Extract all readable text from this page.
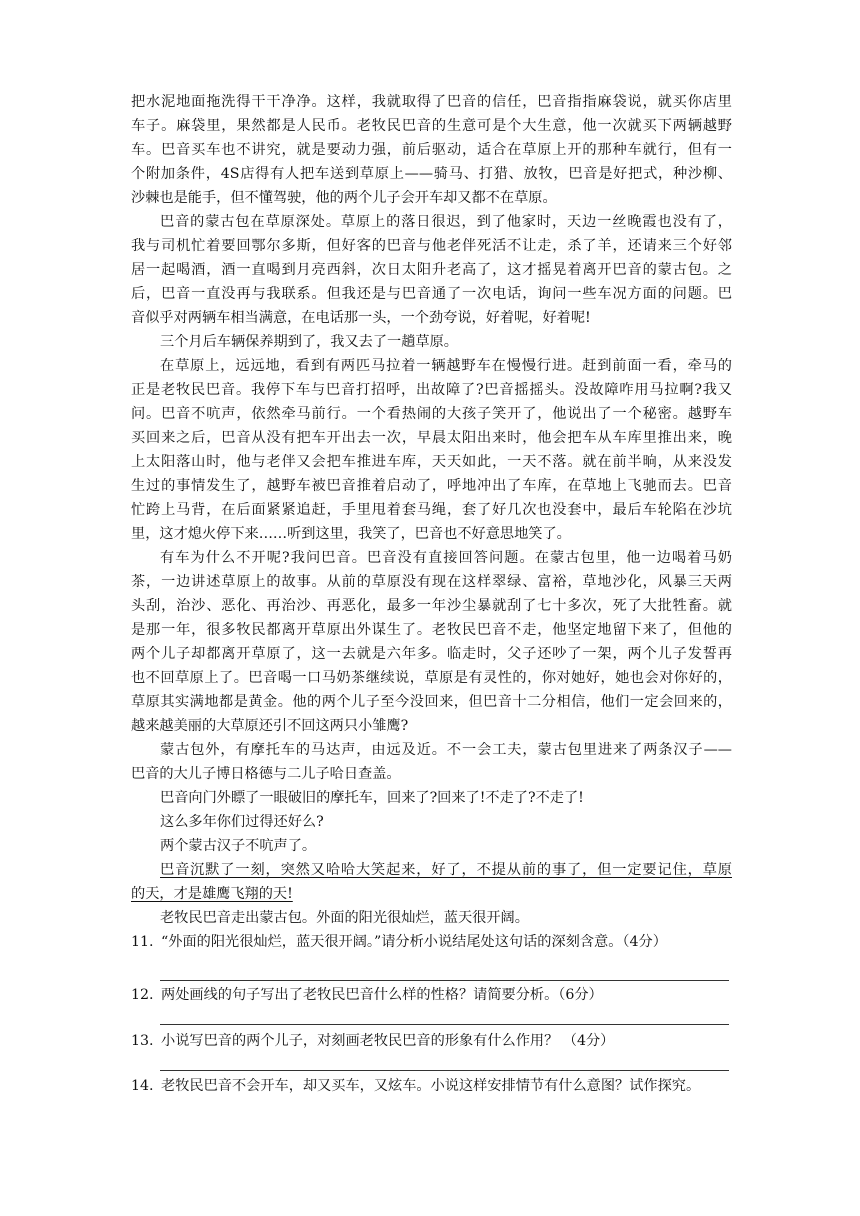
把水泥地面拖洗得干干净净。这样，我就取得了巴音的信任，巴音指指麻袋说，就买你店里
车子。麻袋里，果然都是人民币。老牧民巴音的生意可是个大生意，他一次就买下两辆越野
车。巴音买车也不讲究，就是要动力强，前后驱动，适合在草原上开的那种车就行，但有一
个附加条件，4S店得有人把车送到草原上——骑马、打猎、放牧，巴音是好把式，种沙柳、
沙棘也是能手，但不懂驾驶，他的两个儿子会开车却又都不在草原。
巴音的蒙古包在草原深处。草原上的落日很迟，到了他家时，天边一丝晚霞也没有了，
我与司机忙着要回鄂尔多斯，但好客的巴音与他老伴死活不让走，杀了羊，还请来三个好邻
居一起喝酒，酒一直喝到月亮西斜，次日太阳升老高了，这才摇晃着离开巴音的蒙古包。之
后，巴音一直没再与我联系。但我还是与巴音通了一次电话，询问一些车况方面的问题。巴
音似乎对两辆车相当满意，在电话那一头，一个劲夸说，好着呢，好着呢!
三个月后车辆保养期到了，我又去了一趟草原。
在草原上，远远地，看到有两匹马拉着一辆越野车在慢慢行进。赶到前面一看，牵马的
正是老牧民巴音。我停下车与巴音打招呼，出故障了?巴音摇摇头。没故障咋用马拉啊?我又
问。巴音不吭声，依然牵马前行。一个看热闹的大孩子笑开了，他说出了一个秘密。越野车
买回来之后，巴音从没有把车开出去一次，早晨太阳出来时，他会把车从车库里推出来，晚
上太阳落山时，他与老伴又会把车推进车库，天天如此，一天不落。就在前半晌，从来没发
生过的事情发生了，越野车被巴音推着启动了，呼地冲出了车库，在草地上飞驰而去。巴音
忙跨上马背，在后面紧紧追赶，手里甩着套马绳，套了好几次也没套中，最后车轮陷在沙坑
里，这才熄火停下来……听到这里，我笑了，巴音也不好意思地笑了。
有车为什么不开呢?我问巴音。巴音没有直接回答问题。在蒙古包里，他一边喝着马奶
茶，一边讲述草原上的故事。从前的草原没有现在这样翠绿、富裕，草地沙化，风暴三天两
头刮，治沙、恶化、再治沙、再恶化，最多一年沙尘暴就刮了七十多次，死了大批牲畜。就
是那一年，很多牧民都离开草原出外谋生了。老牧民巴音不走，他坚定地留下来了，但他的
两个儿子却都离开草原了，这一去就是六年多。临走时，父子还吵了一架，两个儿子发誓再
也不回草原上了。巴音喝一口马奶茶继续说，草原是有灵性的，你对她好，她也会对你好的，
草原其实满地都是黄金。他的两个儿子至今没回来，但巴音十二分相信，他们一定会回来的，
越来越美丽的大草原还引不回这两只小雏鹰?
蒙古包外，有摩托车的马达声，由远及近。不一会工夫，蒙古包里进来了两条汉子——
巴音的大儿子博日格德与二儿子哈日查盖。
巴音向门外瞟了一眼破旧的摩托车，回来了?回来了!不走了?不走了!
这么多年你们过得还好么?
两个蒙古汉子不吭声了。
巴音沉默了一刻，突然又哈哈大笑起来，好了，不提从前的事了，但一定要记住，草原
的天，才是雄鹰飞翔的天!
老牧民巴音走出蒙古包。外面的阳光很灿烂，蓝天很开阔。
11. “外面的阳光很灿烂，蓝天很开阔。”请分析小说结尾处这句话的深刻含意。（4分）
12. 两处画线的句子写出了老牧民巴音什么样的性格？请简要分析。（6分）
13. 小说写巴音的两个儿子，对刻画老牧民巴音的形象有什么作用？ （4分）
14. 老牧民巴音不会开车，却又买车，又炫车。小说这样安排情节有什么意图？试作探究。
